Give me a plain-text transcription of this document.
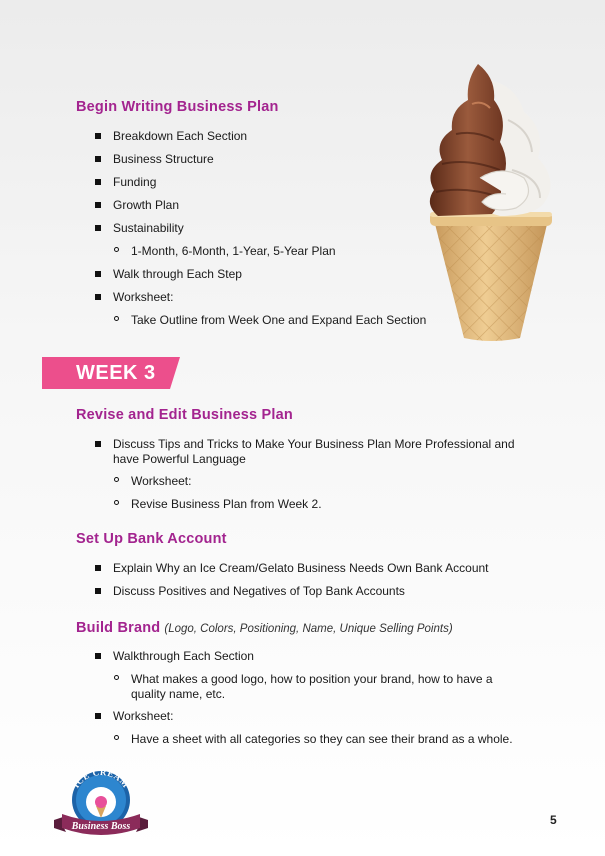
Begin Writing Business Plan
Breakdown Each Section
Business Structure
Funding
Growth Plan
Sustainability
1-Month, 6-Month, 1-Year, 5-Year Plan
Walk through Each Step
Worksheet:
Take Outline from Week One and Expand Each Section
WEEK 3
Revise and Edit Business Plan
Discuss Tips and Tricks to Make Your Business Plan More Professional and have Powerful Language
Worksheet:
Revise Business Plan from Week 2.
Set Up Bank Account
Explain Why an Ice Cream/Gelato Business Needs Own Bank Account
Discuss Positives and Negatives of Top Bank Accounts
Build Brand (Logo, Colors, Positioning, Name, Unique Selling Points)
Walkthrough Each Section
What makes a good logo, how to position your brand, how to have a quality name, etc.
Worksheet:
Have a sheet with all categories so they can see their brand as a whole.
ICE CREAM
Business Boss	5
